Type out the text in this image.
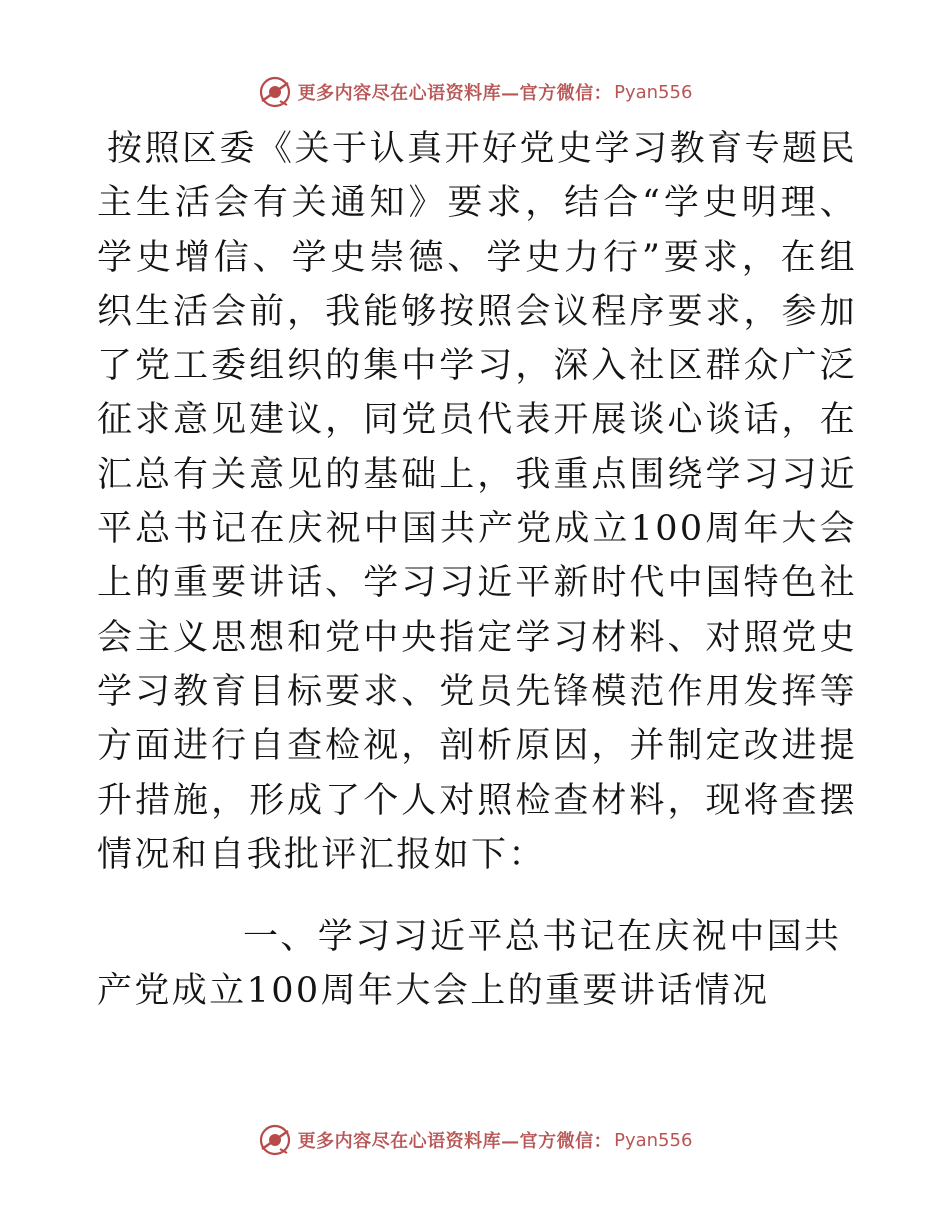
更多内容尽在心语资料库—官方微信： Pyan556

按照区委《关于认真开好党史学习教育专题民主生活会有关通知》要求，结合“学史明理、学史增信、学史崇德、学史力行”要求，在组织生活会前，我能够按照会议程序要求，参加了党工委组织的集中学习，深入社区群众广泛征求意见建议，同党员代表开展谈心谈话，在汇总有关意见的基础上，我重点围绕学习习近平总书记在庆祝中国共产党成立100周年大会上的重要讲话、学习习近平新时代中国特色社会主义思想和党中央指定学习材料、对照党史学习教育目标要求、党员先锋模范作用发挥等方面进行自查检视，剖析原因，并制定改进提升措施，形成了个人对照检查材料，现将查摆情况和自我批评汇报如下：

一、学习习近平总书记在庆祝中国共产党成立100周年大会上的重要讲话情况

更多内容尽在心语资料库—官方微信： Pyan556
